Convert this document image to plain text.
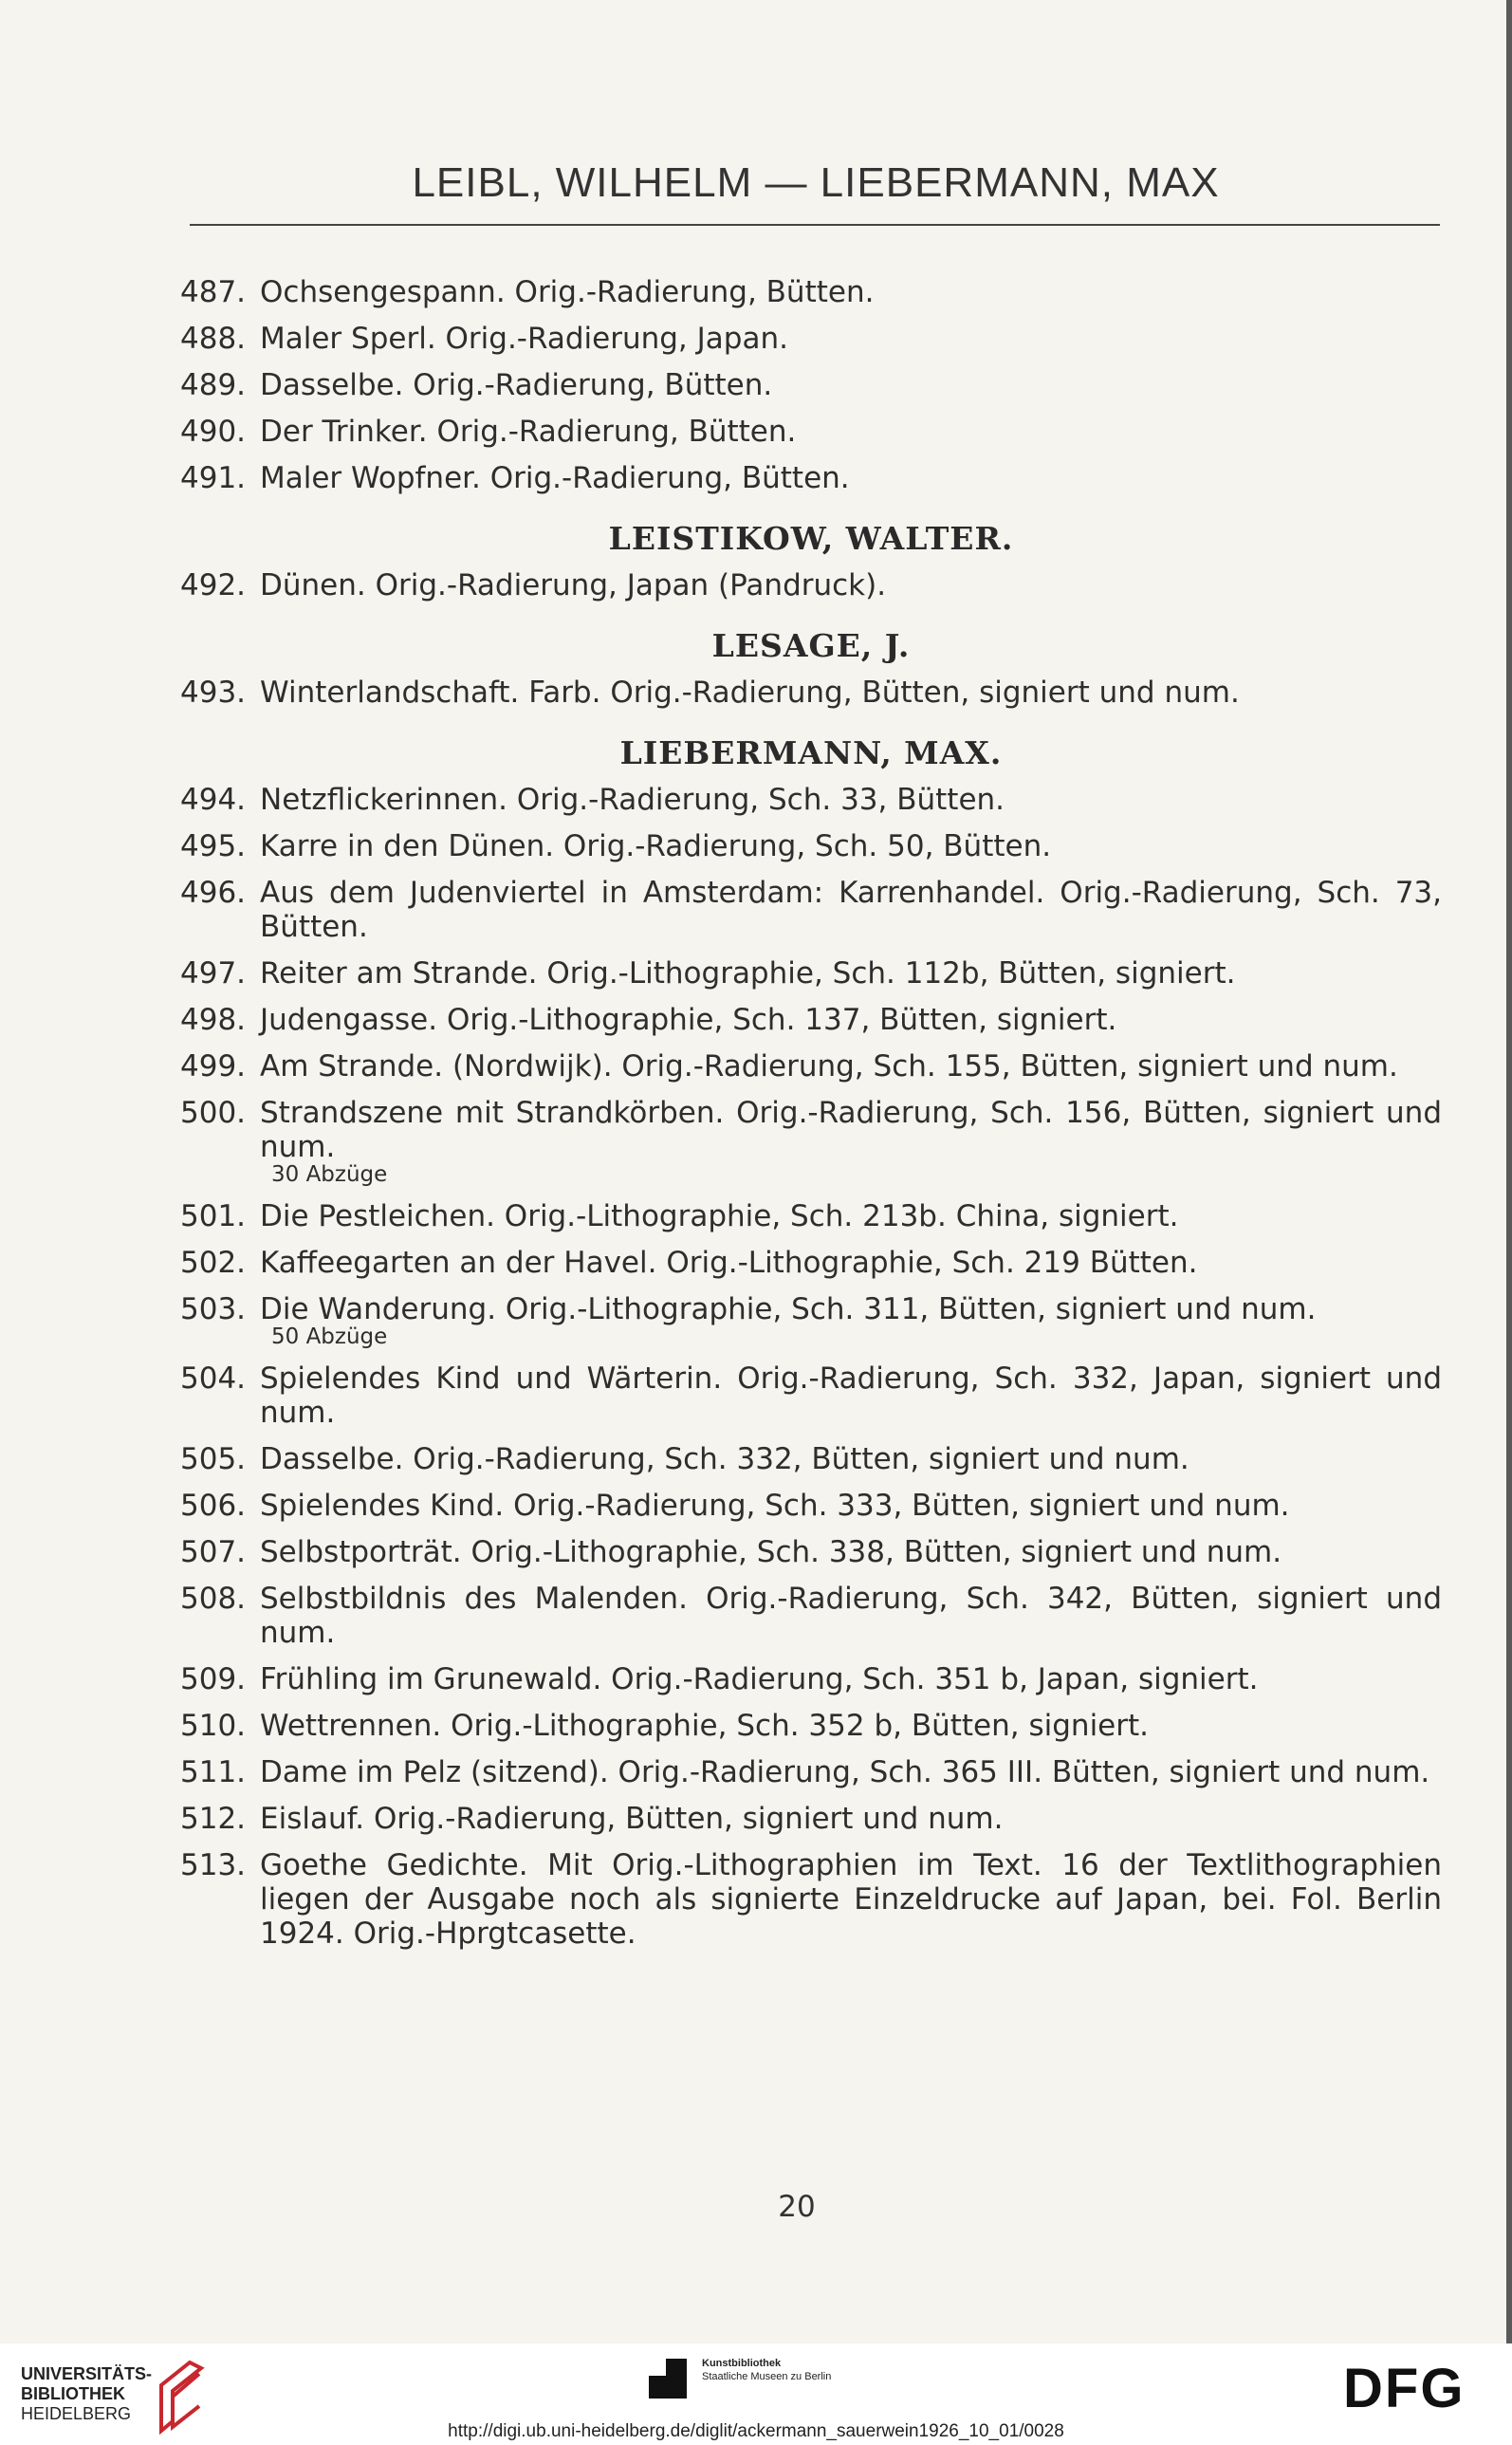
LEIBL, WILHELM — LIEBERMANN, MAX
487. Ochsengespann. Orig.-Radierung, Bütten.
488. Maler Sperl. Orig.-Radierung, Japan.
489. Dasselbe. Orig.-Radierung, Bütten.
490. Der Trinker. Orig.-Radierung, Bütten.
491. Maler Wopfner. Orig.-Radierung, Bütten.
LEISTIKOW, WALTER.
492. Dünen. Orig.-Radierung, Japan (Pandruck).
LESAGE, J.
493. Winterlandschaft. Farb. Orig.-Radierung, Bütten, signiert und num.
LIEBERMANN, MAX.
494. Netzflickerinnen. Orig.-Radierung, Sch. 33, Bütten.
495. Karre in den Dünen. Orig.-Radierung, Sch. 50, Bütten.
496. Aus dem Judenviertel in Amsterdam: Karrenhandel. Orig.-Radierung, Sch. 73, Bütten.
497. Reiter am Strande. Orig.-Lithographie, Sch. 112b, Bütten, signiert.
498. Judengasse. Orig.-Lithographie, Sch. 137, Bütten, signiert.
499. Am Strande. (Nordwijk). Orig.-Radierung, Sch. 155, Bütten, signiert und num.
500. Strandszene mit Strandkörben. Orig.-Radierung, Sch. 156, Bütten, signiert und num.
30 Abzüge
501. Die Pestleichen. Orig.-Lithographie, Sch. 213b. China, signiert.
502. Kaffeegarten an der Havel. Orig.-Lithographie, Sch. 219 Bütten.
503. Die Wanderung. Orig.-Lithographie, Sch. 311, Bütten, signiert und num.
50 Abzüge
504. Spielendes Kind und Wärterin. Orig.-Radierung, Sch. 332, Japan, signiert und num.
505. Dasselbe. Orig.-Radierung, Sch. 332, Bütten, signiert und num.
506. Spielendes Kind. Orig.-Radierung, Sch. 333, Bütten, signiert und num.
507. Selbstporträt. Orig.-Lithographie, Sch. 338, Bütten, signiert und num.
508. Selbstbildnis des Malenden. Orig.-Radierung, Sch. 342, Bütten, signiert und num.
509. Frühling im Grunewald. Orig.-Radierung, Sch. 351 b, Japan, signiert.
510. Wettrennen. Orig.-Lithographie, Sch. 352 b, Bütten, signiert.
511. Dame im Pelz (sitzend). Orig.-Radierung, Sch. 365 III. Bütten, signiert und num.
512. Eislauf. Orig.-Radierung, Bütten, signiert und num.
513. Goethe Gedichte. Mit Orig.-Lithographien im Text. 16 der Textlithographien liegen der Ausgabe noch als signierte Einzeldrucke auf Japan, bei. Fol. Berlin 1924. Orig.-Hprgtcasette.
20
UNIVERSITÄTS-
BIBLIOTHEK
HEIDELBERG
Kunstbibliothek
Staatliche Museen zu Berlin	DFG
http://digi.ub.uni-heidelberg.de/diglit/ackermann_sauerwein1926_10_01/0028
